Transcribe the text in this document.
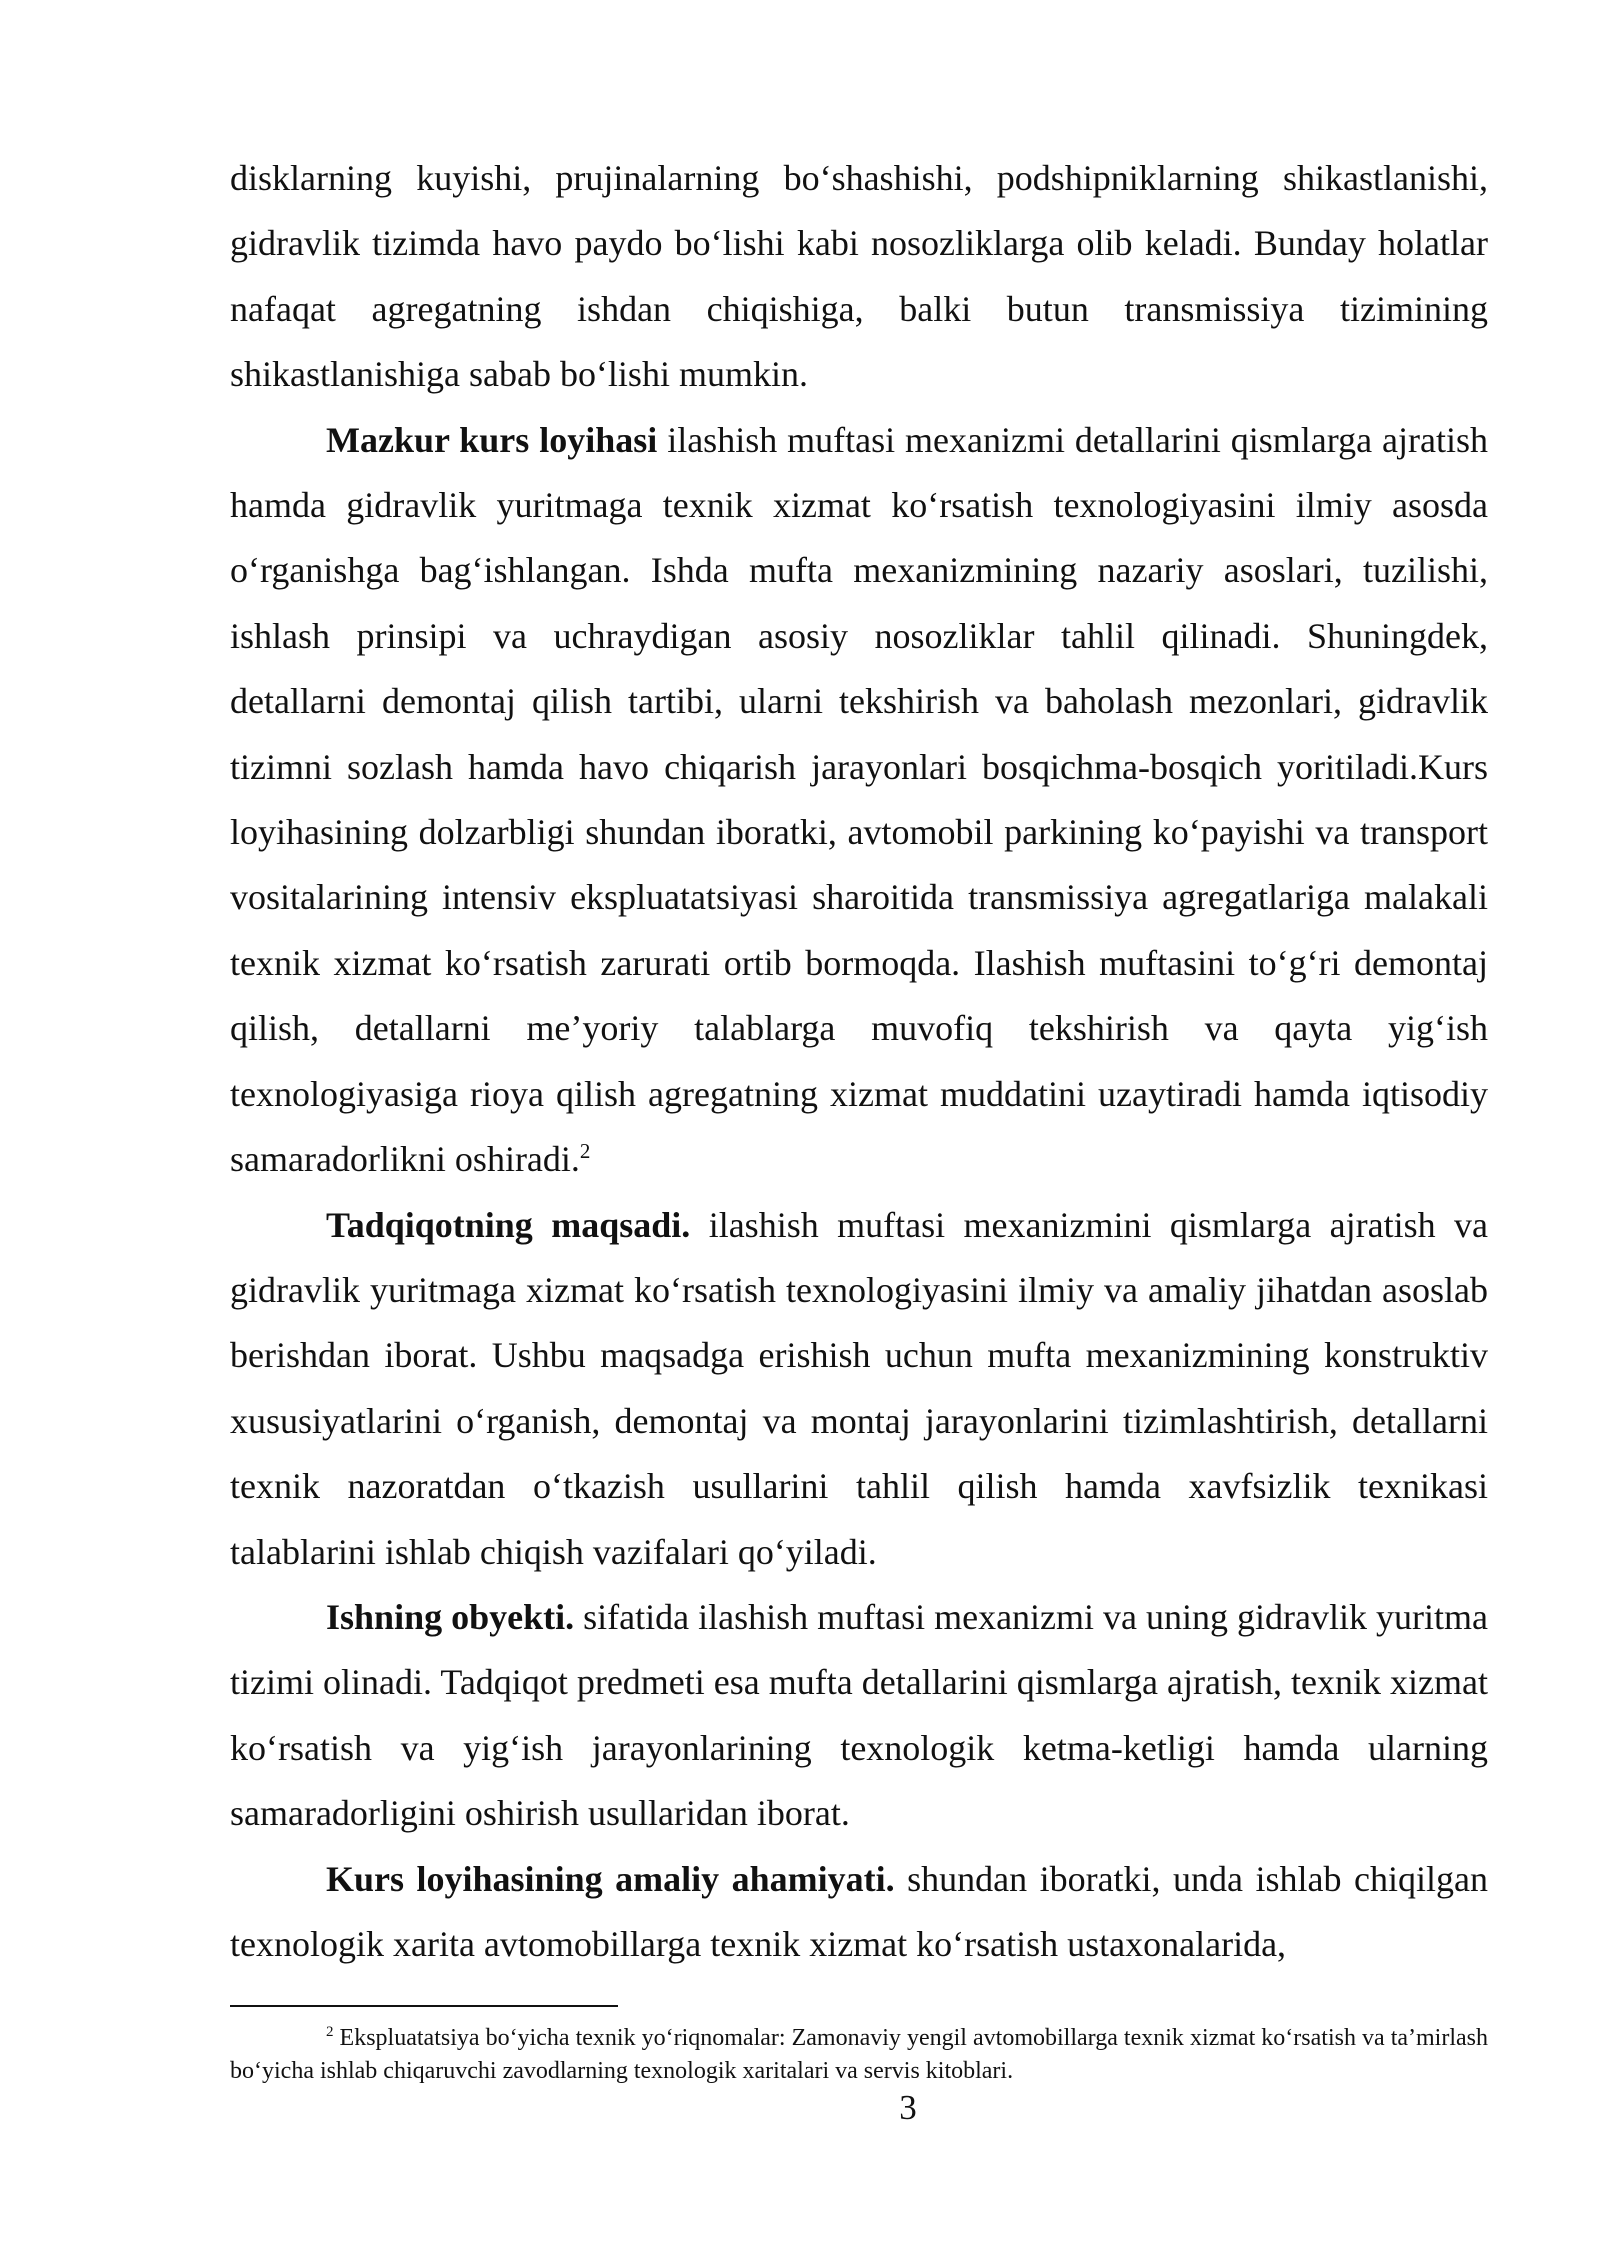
disklarning kuyishi, prujinalarning boʻshashishi, podshipniklarning shikastlanishi, gidravlik tizimda havo paydo boʻlishi kabi nosozliklarga olib keladi. Bunday holatlar nafaqat agregatning ishdan chiqishiga, balki butun transmissiya tizimining shikastlanishiga sabab boʻlishi mumkin.

Mazkur kurs loyihasi ilashish muftasi mexanizmi detallarini qismlarga ajratish hamda gidravlik yuritmaga texnik xizmat koʻrsatish texnologiyasini ilmiy asosda oʻrganishga bagʻishlangan. Ishda mufta mexanizmining nazariy asoslari, tuzilishi, ishlash prinsipi va uchraydigan asosiy nosozliklar tahlil qilinadi. Shuningdek, detallarni demontaj qilish tartibi, ularni tekshirish va baholash mezonlari, gidravlik tizimni sozlash hamda havo chiqarish jarayonlari bosqichma-bosqich yoritiladi.Kurs loyihasining dolzarbligi shundan iboratki, avtomobil parkining koʻpayishi va transport vositalarining intensiv ekspluatatsiyasi sharoitida transmissiya agregatlariga malakali texnik xizmat koʻrsatish zarurati ortib bormoqda. Ilashish muftasini toʻgʻri demontaj qilish, detallarni meʼyoriy talablarga muvofiq tekshirish va qayta yigʻish texnologiyasiga rioya qilish agregatning xizmat muddatini uzaytiradi hamda iqtisodiy samaradorlikni oshiradi.$^2$

Tadqiqotning maqsadi. ilashish muftasi mexanizmini qismlarga ajratish va gidravlik yuritmaga xizmat koʻrsatish texnologiyasini ilmiy va amaliy jihatdan asoslab berishdan iborat. Ushbu maqsadga erishish uchun mufta mexanizmining konstruktiv xususiyatlarini oʻrganish, demontaj va montaj jarayonlarini tizimlashtirish, detallarni texnik nazoratdan oʻtkazish usullarini tahlil qilish hamda xavfsizlik texnikasi talablarini ishlab chiqish vazifalari qoʻyiladi.

Ishning obyekti. sifatida ilashish muftasi mexanizmi va uning gidravlik yuritma tizimi olinadi. Tadqiqot predmeti esa mufta detallarini qismlarga ajratish, texnik xizmat koʻrsatish va yigʻish jarayonlarining texnologik ketma-ketligi hamda ularning samaradorligini oshirish usullaridan iborat.

Kurs loyihasining amaliy ahamiyati. shundan iboratki, unda ishlab chiqilgan texnologik xarita avtomobillarga texnik xizmat koʻrsatish ustaxonalarida,

$^2$ Ekspluatatsiya boʻyicha texnik yoʻriqnomalar: Zamonaviy yengil avtomobillarga texnik xizmat koʻrsatish va taʼmirlash boʻyicha ishlab chiqaruvchi zavodlarning texnologik xaritalari va servis kitoblari.

3
